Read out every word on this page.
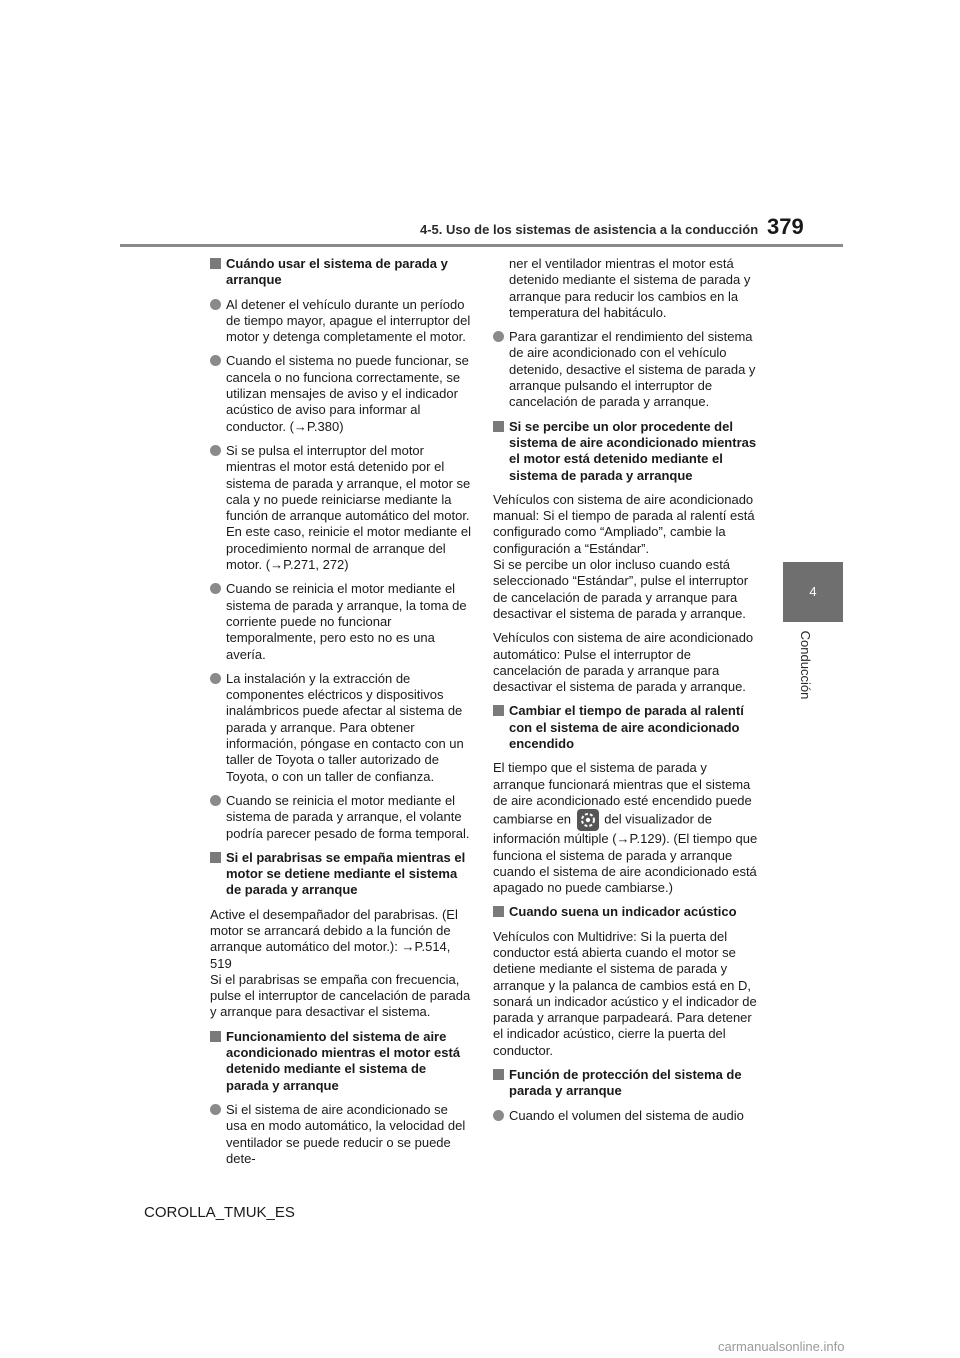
4-5. Uso de los sistemas de asistencia a la conducción 379
4
Conducción
Cuándo usar el sistema de parada y arranque
Al detener el vehículo durante un período de tiempo mayor, apague el interruptor del motor y detenga completamente el motor.
Cuando el sistema no puede funcionar, se cancela o no funciona correctamente, se utilizan mensajes de aviso y el indicador acústico de aviso para informar al conductor. (→P.380)
Si se pulsa el interruptor del motor mientras el motor está detenido por el sistema de parada y arranque, el motor se cala y no puede reiniciarse mediante la función de arranque automático del motor. En este caso, reinicie el motor mediante el procedimiento normal de arranque del motor. (→P.271, 272)
Cuando se reinicia el motor mediante el sistema de parada y arranque, la toma de corriente puede no funcionar temporalmente, pero esto no es una avería.
La instalación y la extracción de componentes eléctricos y dispositivos inalámbricos puede afectar al sistema de parada y arranque. Para obtener información, póngase en contacto con un taller de Toyota o taller autorizado de Toyota, o con un taller de confianza.
Cuando se reinicia el motor mediante el sistema de parada y arranque, el volante podría parecer pesado de forma temporal.
Si el parabrisas se empaña mientras el motor se detiene mediante el sistema de parada y arranque
Active el desempañador del parabrisas. (El motor se arrancará debido a la función de arranque automático del motor.): →P.514, 519
Si el parabrisas se empaña con frecuencia, pulse el interruptor de cancelación de parada y arranque para desactivar el sistema.
Funcionamiento del sistema de aire acondicionado mientras el motor está detenido mediante el sistema de parada y arranque
Si el sistema de aire acondicionado se usa en modo automático, la velocidad del ventilador se puede reducir o se puede dete-
ner el ventilador mientras el motor está detenido mediante el sistema de parada y arranque para reducir los cambios en la temperatura del habitáculo.
Para garantizar el rendimiento del sistema de aire acondicionado con el vehículo detenido, desactive el sistema de parada y arranque pulsando el interruptor de cancelación de parada y arranque.
Si se percibe un olor procedente del sistema de aire acondicionado mientras el motor está detenido mediante el sistema de parada y arranque
Vehículos con sistema de aire acondicionado manual: Si el tiempo de parada al ralentí está configurado como “Ampliado”, cambie la configuración a “Estándar”.
Si se percibe un olor incluso cuando está seleccionado “Estándar”, pulse el interruptor de cancelación de parada y arranque para desactivar el sistema de parada y arranque.
Vehículos con sistema de aire acondicionado automático: Pulse el interruptor de cancelación de parada y arranque para desactivar el sistema de parada y arranque.
Cambiar el tiempo de parada al ralentí con el sistema de aire acondicionado encendido
El tiempo que el sistema de parada y arranque funcionará mientras que el sistema de aire acondicionado esté encendido puede cambiarse en	del visualizador de información múltiple (→P.129). (El tiempo que funciona el sistema de parada y arranque cuando el sistema de aire acondicionado está apagado no puede cambiarse.)
Cuando suena un indicador acústico
Vehículos con Multidrive: Si la puerta del conductor está abierta cuando el motor se detiene mediante el sistema de parada y arranque y la palanca de cambios está en D, sonará un indicador acústico y el indicador de parada y arranque parpadeará. Para detener el indicador acústico, cierre la puerta del conductor.
Función de protección del sistema de parada y arranque
Cuando el volumen del sistema de audio
COROLLA_TMUK_ES
carmanualsonline.info
